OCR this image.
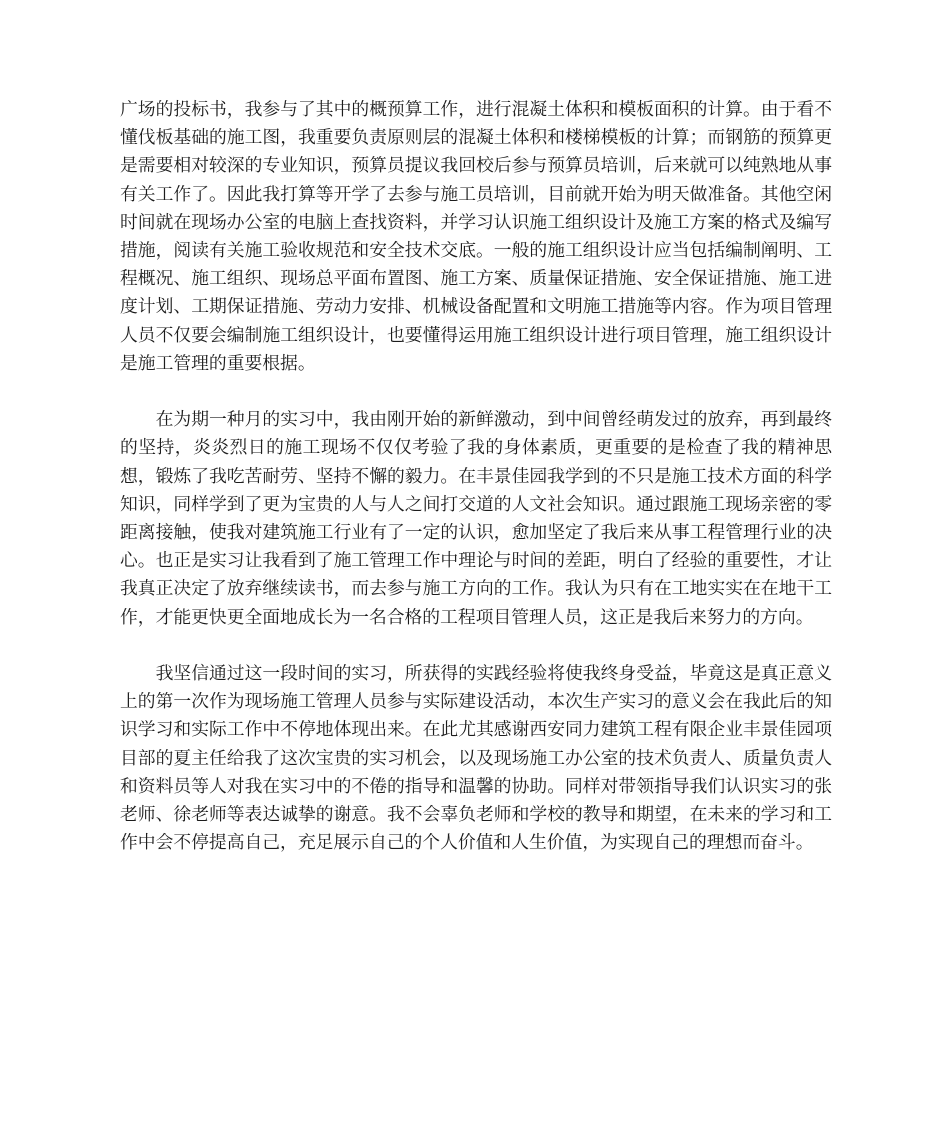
广场的投标书，我参与了其中的概预算工作，进行混凝土体积和模板面积的计算。由于看不懂伐板基础的施工图，我重要负责原则层的混凝土体积和楼梯模板的计算；而钢筋的预算更是需要相对较深的专业知识，预算员提议我回校后参与预算员培训，后来就可以纯熟地从事有关工作了。因此我打算等开学了去参与施工员培训，目前就开始为明天做准备。其他空闲时间就在现场办公室的电脑上查找资料，并学习认识施工组织设计及施工方案的格式及编写措施，阅读有关施工验收规范和安全技术交底。一般的施工组织设计应当包括编制阐明、工程概况、施工组织、现场总平面布置图、施工方案、质量保证措施、安全保证措施、施工进度计划、工期保证措施、劳动力安排、机械设备配置和文明施工措施等内容。作为项目管理人员不仅要会编制施工组织设计，也要懂得运用施工组织设计进行项目管理，施工组织设计是施工管理的重要根据。

在为期一种月的实习中，我由刚开始的新鲜激动，到中间曾经萌发过的放弃，再到最终的坚持，炎炎烈日的施工现场不仅仅考验了我的身体素质，更重要的是检查了我的精神思想，锻炼了我吃苦耐劳、坚持不懈的毅力。在丰景佳园我学到的不只是施工技术方面的科学知识，同样学到了更为宝贵的人与人之间打交道的人文社会知识。通过跟施工现场亲密的零距离接触，使我对建筑施工行业有了一定的认识，愈加坚定了我后来从事工程管理行业的决心。也正是实习让我看到了施工管理工作中理论与时间的差距，明白了经验的重要性，才让我真正决定了放弃继续读书，而去参与施工方向的工作。我认为只有在工地实实在在地干工作，才能更快更全面地成长为一名合格的工程项目管理人员，这正是我后来努力的方向。

我坚信通过这一段时间的实习，所获得的实践经验将使我终身受益，毕竟这是真正意义上的第一次作为现场施工管理人员参与实际建设活动，本次生产实习的意义会在我此后的知识学习和实际工作中不停地体现出来。在此尤其感谢西安同力建筑工程有限企业丰景佳园项目部的夏主任给我了这次宝贵的实习机会，以及现场施工办公室的技术负责人、质量负责人和资料员等人对我在实习中的不倦的指导和温馨的协助。同样对带领指导我们认识实习的张老师、徐老师等表达诚挚的谢意。我不会辜负老师和学校的教导和期望，在未来的学习和工作中会不停提高自己，充足展示自己的个人价值和人生价值，为实现自己的理想而奋斗。
